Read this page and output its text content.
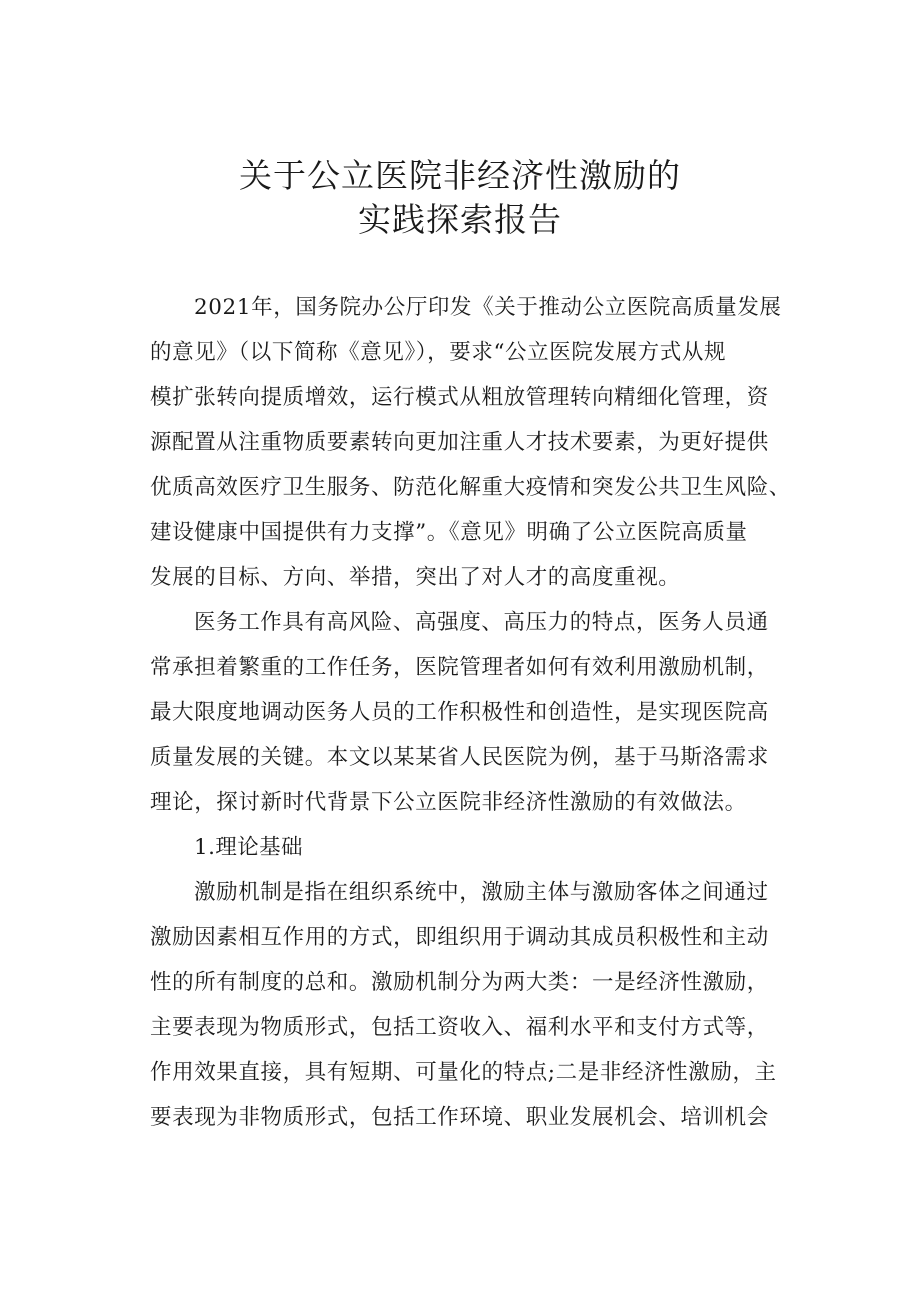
关于公立医院非经济性激励的
实践探索报告
2021年，国务院办公厅印发《关于推动公立医院高质量发展
的意见》（以下简称《意见》），要求“公立医院发展方式从规
模扩张转向提质增效，运行模式从粗放管理转向精细化管理，资
源配置从注重物质要素转向更加注重人才技术要素，为更好提供
优质高效医疗卫生服务、防范化解重大疫情和突发公共卫生风险、
建设健康中国提供有力支撑”。《意见》明确了公立医院高质量
发展的目标、方向、举措，突出了对人才的高度重视。
医务工作具有高风险、高强度、高压力的特点，医务人员通
常承担着繁重的工作任务，医院管理者如何有效利用激励机制，
最大限度地调动医务人员的工作积极性和创造性，是实现医院高
质量发展的关键。本文以某某省人民医院为例，基于马斯洛需求
理论，探讨新时代背景下公立医院非经济性激励的有效做法。
1.理论基础
激励机制是指在组织系统中，激励主体与激励客体之间通过
激励因素相互作用的方式，即组织用于调动其成员积极性和主动
性的所有制度的总和。激励机制分为两大类：一是经济性激励，
主要表现为物质形式，包括工资收入、福利水平和支付方式等，
作用效果直接，具有短期、可量化的特点;二是非经济性激励，主
要表现为非物质形式，包括工作环境、职业发展机会、培训机会
